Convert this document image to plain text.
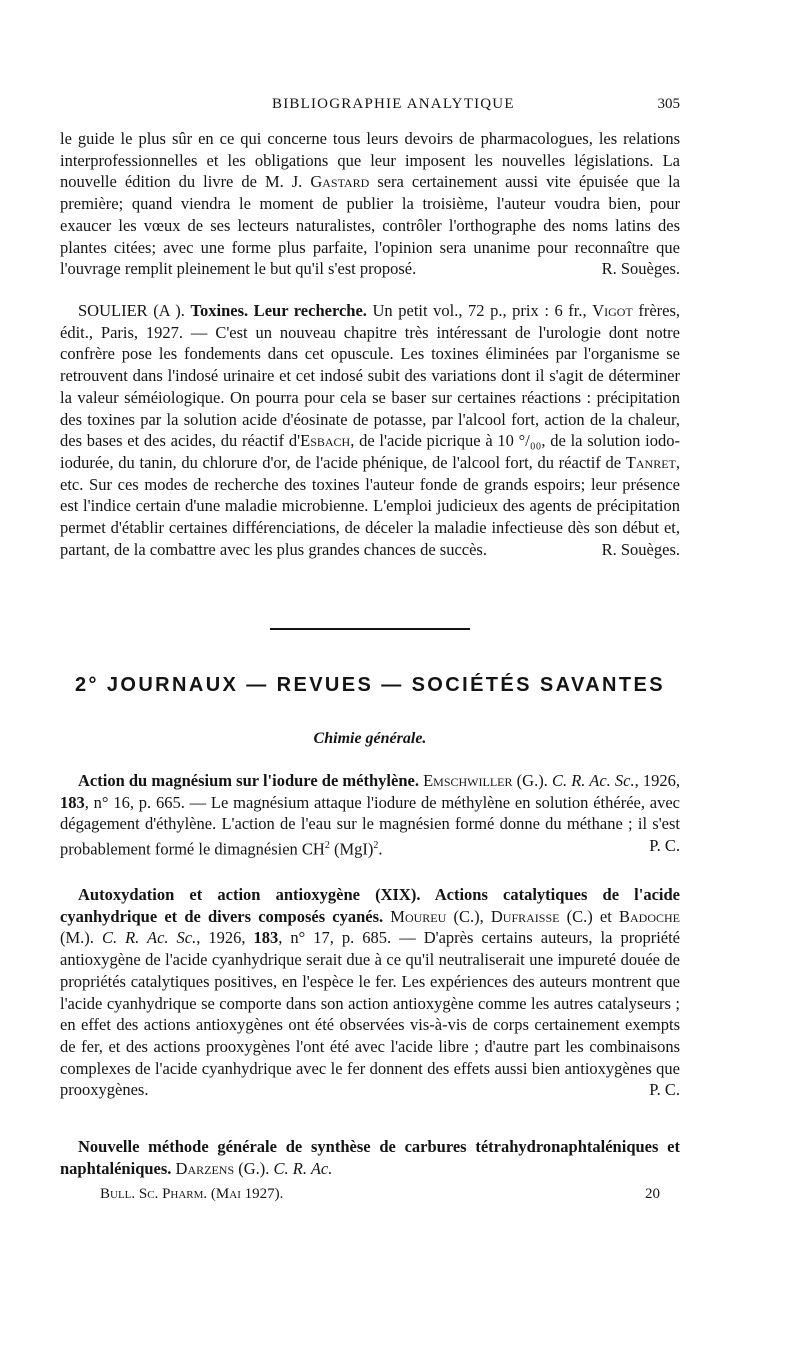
BIBLIOGRAPHIE ANALYTIQUE	305

le guide le plus sûr en ce qui concerne tous leurs devoirs de pharmacologues, les relations interprofessionnelles et les obligations que leur imposent les nouvelles législations. La nouvelle édition du livre de M. J. Gastard sera certainement aussi vite épuisée que la première; quand viendra le moment de publier la troisième, l'auteur voudra bien, pour exaucer les vœux de ses lecteurs naturalistes, contrôler l'orthographe des noms latins des plantes citées; avec une forme plus parfaite, l'opinion sera unanime pour reconnaître que l'ouvrage remplit pleinement le but qu'il s'est proposé.	R. Souèges.

SOULIER (A ). Toxines. Leur recherche. Un petit vol., 72 p., prix : 6 fr., Vigot frères, édit., Paris, 1927. — C'est un nouveau chapitre très intéressant de l'urologie dont notre confrère pose les fondements dans cet opuscule. Les toxines éliminées par l'organisme se retrouvent dans l'indosé urinaire et cet indosé subit des variations dont il s'agit de déterminer la valeur séméiologique. On pourra pour cela se baser sur certaines réactions : précipitation des toxines par la solution acide d'éosinate de potasse, par l'alcool fort, action de la chaleur, des bases et des acides, du réactif d'Esbach, de l'acide picrique à 10 °/₀₀, de la solution iodo-iodurée, du tanin, du chlorure d'or, de l'acide phénique, de l'alcool fort, du réactif de Tanret, etc. Sur ces modes de recherche des toxines l'auteur fonde de grands espoirs; leur présence est l'indice certain d'une maladie microbienne. L'emploi judicieux des agents de précipitation permet d'établir certaines différenciations, de déceler la maladie infectieuse dès son début et, partant, de la combattre avec les plus grandes chances de succès.	R. Souèges.

2° JOURNAUX — REVUES — SOCIÉTÉS SAVANTES
Chimie générale.

Action du magnésium sur l'iodure de méthylène. Emschwiller (G.). C. R. Ac. Sc., 1926, 183, n° 16, p. 665. — Le magnésium attaque l'iodure de méthylène en solution éthérée, avec dégagement d'éthylène. L'action de l'eau sur le magnésien formé donne du méthane ; il s'est probablement formé le dimagnésien $CH^2$ (MgI)$^2$.	P. C.

Autoxydation et action antioxygène (XIX). Actions catalytiques de l'acide cyanhydrique et de divers composés cyanés. Moureu (C.), Dufraisse (C.) et Badoche (M.). C. R. Ac. Sc., 1926, 183, n° 17, p. 685. — D'après certains auteurs, la propriété antioxygène de l'acide cyanhydrique serait due à ce qu'il neutraliserait une impureté douée de propriétés catalytiques positives, en l'espèce le fer. Les expériences des auteurs montrent que l'acide cyanhydrique se comporte dans son action antioxygène comme les autres catalyseurs ; en effet des actions antioxygènes ont été observées vis-à-vis de corps certainement exempts de fer, et des actions prooxygènes l'ont été avec l'acide libre ; d'autre part les combinaisons complexes de l'acide cyanhydrique avec le fer donnent des effets aussi bien antioxygènes que prooxygènes.	P. C.

Nouvelle méthode générale de synthèse de carbures tétrahydronaphtaléniques et naphtaléniques. Darzens (G.). C. R. Ac.

Bull. Sc. Pharm. (Mai 1927).	20
